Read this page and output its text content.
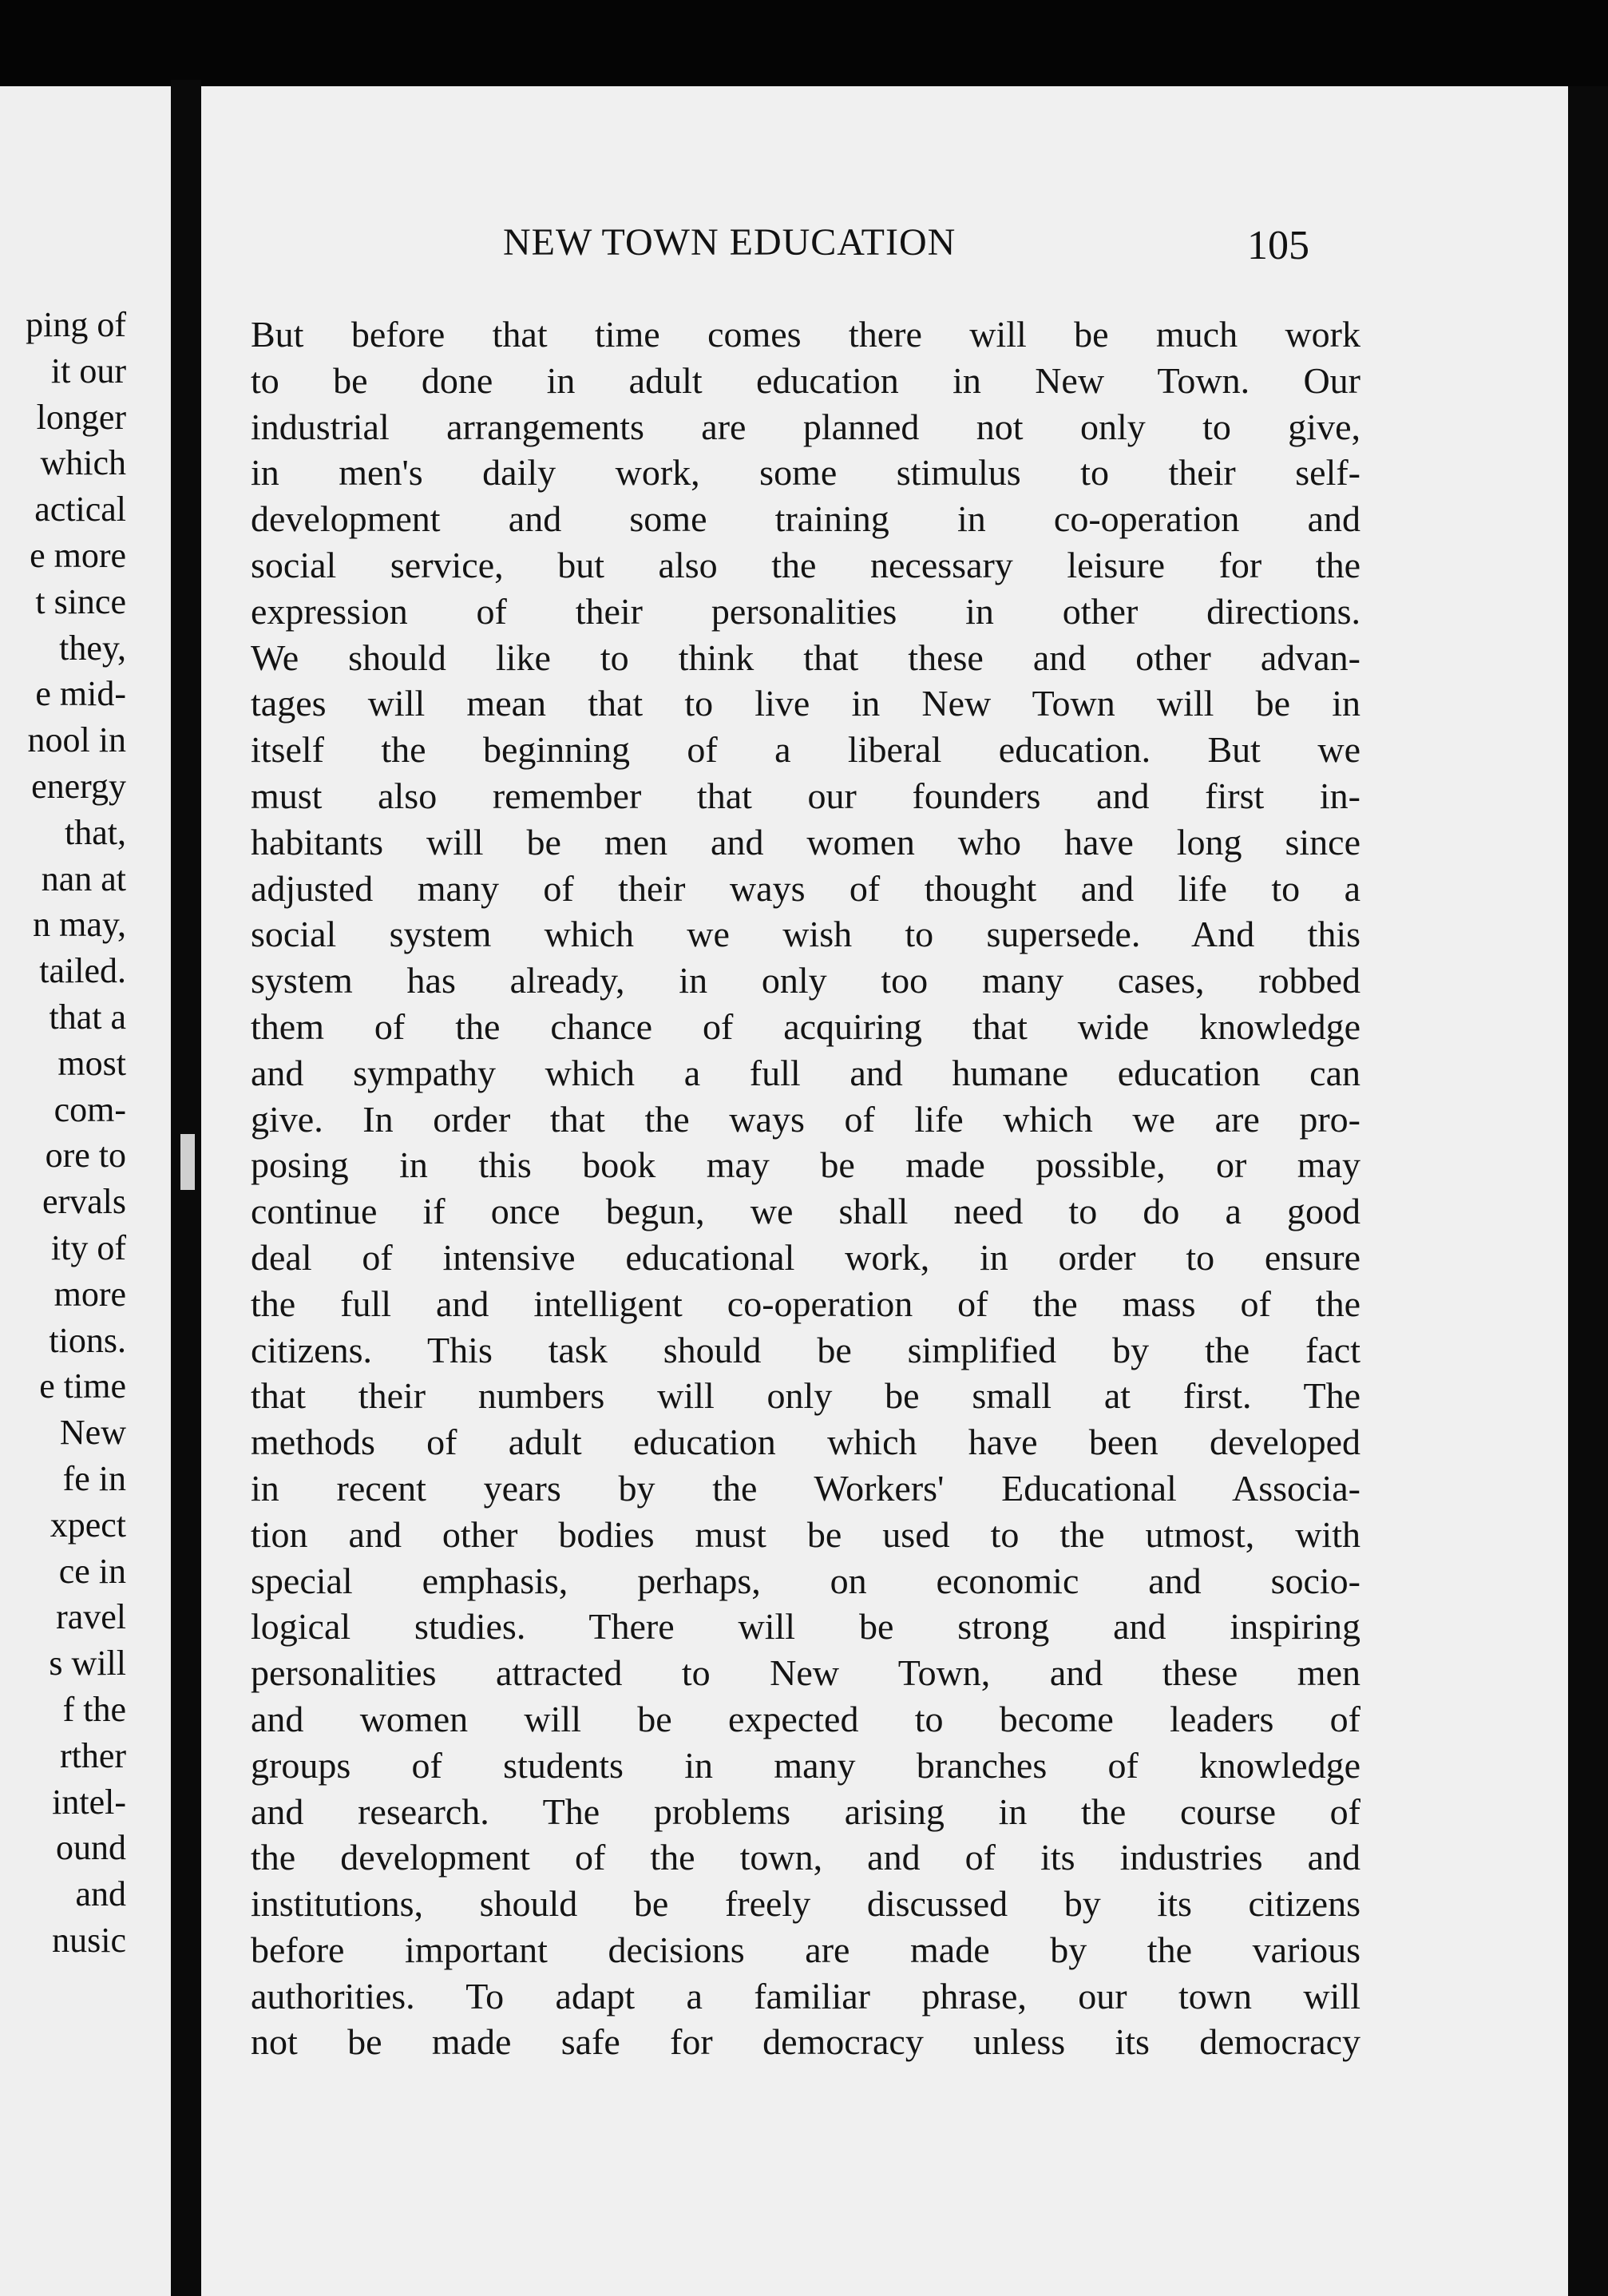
ping of
it our
longer
which
actical
e more
t since
they,
e mid-
nool in
energy
that,
nan at
n may,
tailed.
that a
most
com-
ore to
ervals
ity of
more
tions.
e time
New
fe in
xpect
ce in
ravel
s will
f the
rther
intel-
ound
and
nusic
NEW TOWN EDUCATION	105
But before that time comes there will be much work
to be done in adult education in New Town. Our
industrial arrangements are planned not only to give,
in men's daily work, some stimulus to their self-
development and some training in co-operation and
social service, but also the necessary leisure for the
expression of their personalities in other directions.
We should like to think that these and other advan-
tages will mean that to live in New Town will be in
itself the beginning of a liberal education. But we
must also remember that our founders and first in-
habitants will be men and women who have long since
adjusted many of their ways of thought and life to a
social system which we wish to supersede. And this
system has already, in only too many cases, robbed
them of the chance of acquiring that wide knowledge
and sympathy which a full and humane education can
give. In order that the ways of life which we are pro-
posing in this book may be made possible, or may
continue if once begun, we shall need to do a good
deal of intensive educational work, in order to ensure
the full and intelligent co-operation of the mass of the
citizens. This task should be simplified by the fact
that their numbers will only be small at first. The
methods of adult education which have been developed
in recent years by the Workers' Educational Associa-
tion and other bodies must be used to the utmost, with
special emphasis, perhaps, on economic and socio-
logical studies. There will be strong and inspiring
personalities attracted to New Town, and these men
and women will be expected to become leaders of
groups of students in many branches of knowledge
and research. The problems arising in the course of
the development of the town, and of its industries and
institutions, should be freely discussed by its citizens
before important decisions are made by the various
authorities. To adapt a familiar phrase, our town will
not be made safe for democracy unless its democracy
